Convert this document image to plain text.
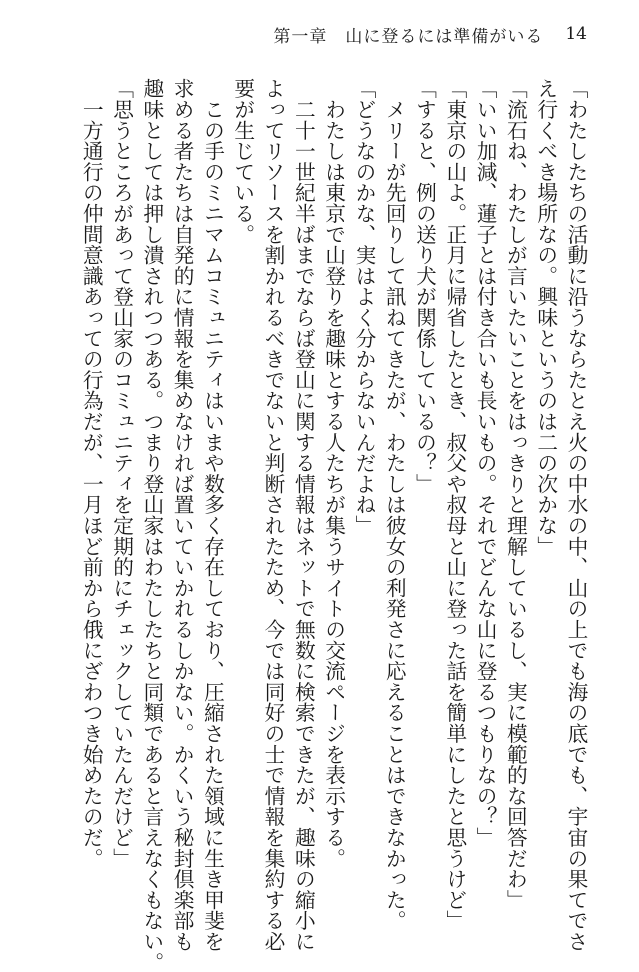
第一章　山に登るには準備がいる 14

「わたしたちの活動に沿うならたとえ火の中水の中、山の上でも海の底でも、宇宙の果てでさ

え行くべき場所なの。興味というのは二の次かな」

「流石ね、わたしが言いたいことをはっきりと理解しているし、実に模範的な回答だわ」

「いい加減、蓮子とは付き合いも長いもの。それでどんな山に登るつもりなの？」

「東京の山よ。正月に帰省したとき、叔父や叔母と山に登った話を簡単にしたと思うけど」

「すると、例の送り犬が関係しているの？」

　メリーが先回りして訊ねてきたが、わたしは彼女の利発さに応えることはできなかった。

「どうなのかな、実はよく分からないんだよね」

　わたしは東京で山登りを趣味とする人たちが集うサイトの交流ページを表示する。

　二十一世紀半ばまでならば登山に関する情報はネットで無数に検索できたが、趣味の縮小に

よってリソースを割かれるべきでないと判断されたため、今では同好の士で情報を集約する必

要が生じている。

　この手のミニマムコミュニティはいまや数多く存在しており、圧縮された領域に生き甲斐を

求める者たちは自発的に情報を集めなければ置いていかれるしかない。かくいう秘封倶楽部も

趣味としては押し潰されつつある。つまり登山家はわたしたちと同類であると言えなくもない。

「思うところがあって登山家のコミュニティを定期的にチェックしていたんだけど」

　一方通行の仲間意識あっての行為だが、一月ほど前から俄にざわつき始めたのだ。
